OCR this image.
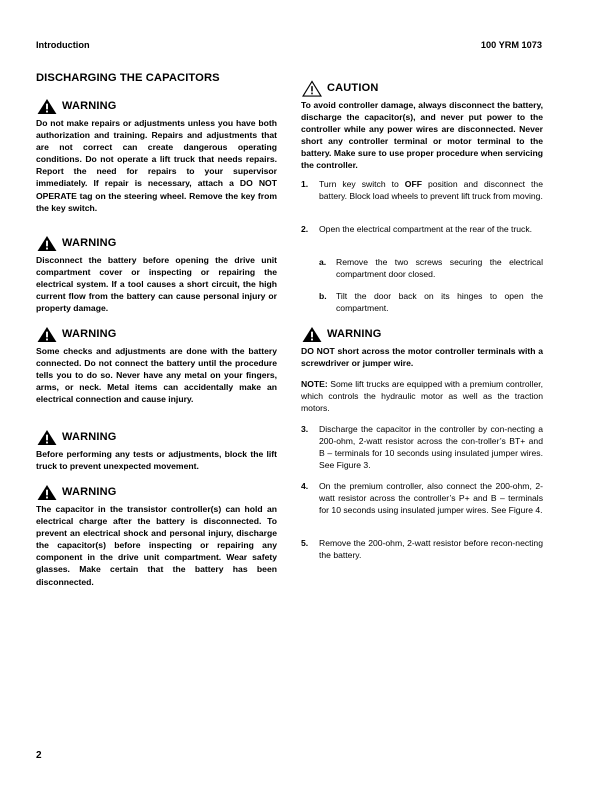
Introduction	100 YRM 1073
DISCHARGING THE CAPACITORS
WARNING

Do not make repairs or adjustments unless you have both authorization and training. Repairs and adjustments that are not correct can create dangerous operating conditions. Do not operate a lift truck that needs repairs. Report the need for repairs to your supervisor immediately. If repair is necessary, attach a DO NOT OPERATE tag on the steering wheel. Remove the key from the key switch.

WARNING

Disconnect the battery before opening the drive unit compartment cover or inspecting or repairing the electrical system. If a tool causes a short circuit, the high current flow from the battery can cause personal injury or property damage.

WARNING

Some checks and adjustments are done with the battery connected. Do not connect the battery until the procedure tells you to do so. Never have any metal on your fingers, arms, or neck. Metal items can accidentally make an electrical connection and cause injury.

WARNING

Before performing any tests or adjustments, block the lift truck to prevent unexpected movement.

WARNING

The capacitor in the transistor controller(s) can hold an electrical charge after the battery is disconnected. To prevent an electrical shock and personal injury, discharge the capacitor(s) before inspecting or repairing any component in the drive unit compartment. Wear safety glasses. Make certain that the battery has been disconnected.

CAUTION

To avoid controller damage, always disconnect the battery, discharge the capacitor(s), and never put power to the controller while any power wires are disconnected. Never short any controller terminal or motor terminal to the battery. Make sure to use proper procedure when servicing the controller.

1.	Turn key switch to OFF position and disconnect the battery. Block load wheels to prevent lift truck from moving.
2.	Open the electrical compartment at the rear of the truck.
a.	Remove the two screws securing the electrical compartment door closed.
b.	Tilt the door back on its hinges to open the compartment.
WARNING

DO NOT short across the motor controller terminals with a screwdriver or jumper wire.

NOTE: Some lift trucks are equipped with a premium controller, which controls the hydraulic motor as well as the traction motors.
3.	Discharge the capacitor in the controller by con-necting a 200-ohm, 2-watt resistor across the con-troller’s BT+ and B – terminals for 10 seconds using insulated jumper wires. See Figure 3.
4.	On the premium controller, also connect the 200-ohm, 2-watt resistor across the controller’s P+ and B – terminals for 10 seconds using insulated jumper wires. See Figure 4.
5.	Remove the 200-ohm, 2-watt resistor before recon-necting the battery.
2
